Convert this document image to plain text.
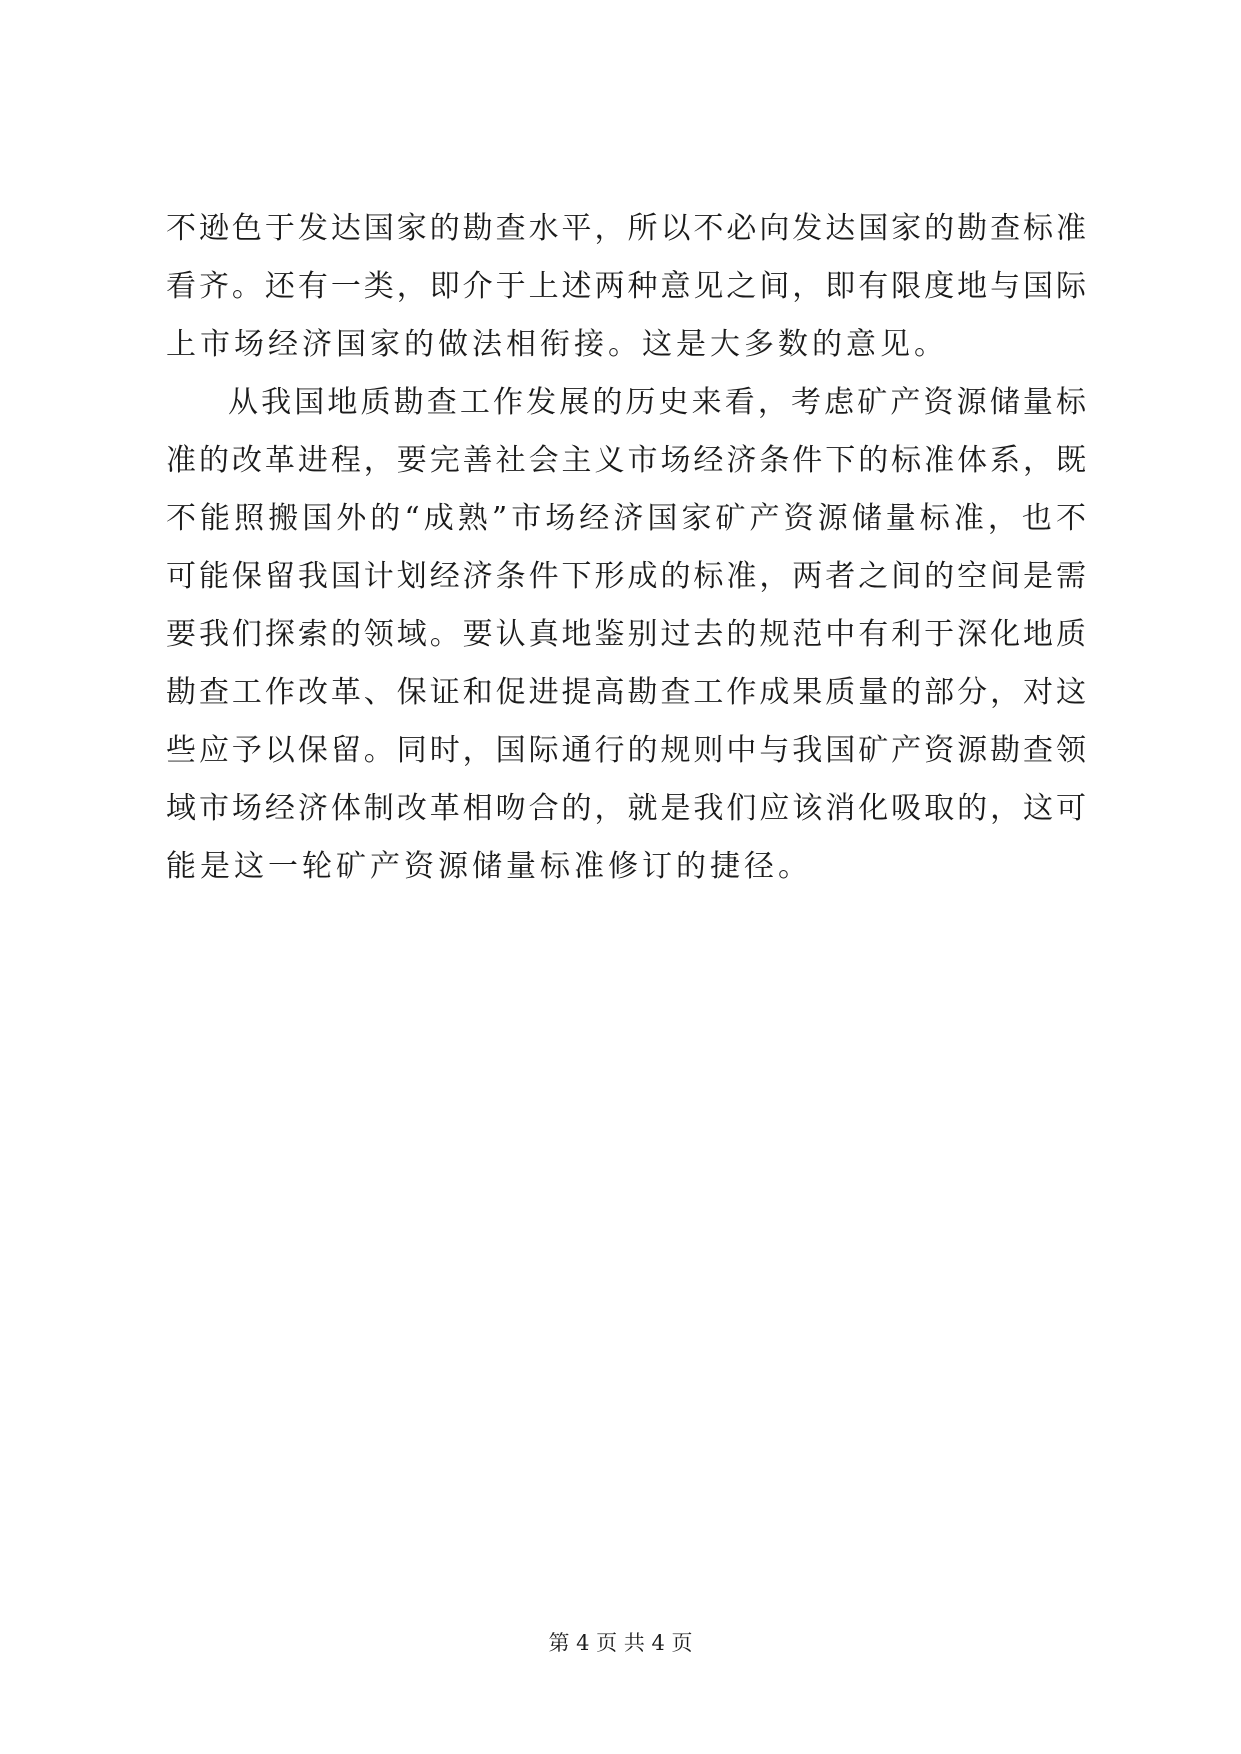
不逊色于发达国家的勘查水平，所以不必向发达国家的勘查标准
看齐。还有一类，即介于上述两种意见之间，即有限度地与国际
上市场经济国家的做法相衔接。这是大多数的意见。
从我国地质勘查工作发展的历史来看，考虑矿产资源储量标
准的改革进程，要完善社会主义市场经济条件下的标准体系，既
不能照搬国外的“成熟”市场经济国家矿产资源储量标准，也不
可能保留我国计划经济条件下形成的标准，两者之间的空间是需
要我们探索的领域。要认真地鉴别过去的规范中有利于深化地质
勘查工作改革、保证和促进提高勘查工作成果质量的部分，对这
些应予以保留。同时，国际通行的规则中与我国矿产资源勘查领
域市场经济体制改革相吻合的，就是我们应该消化吸取的，这可
能是这一轮矿产资源储量标准修订的捷径。
第 4 页 共 4 页
